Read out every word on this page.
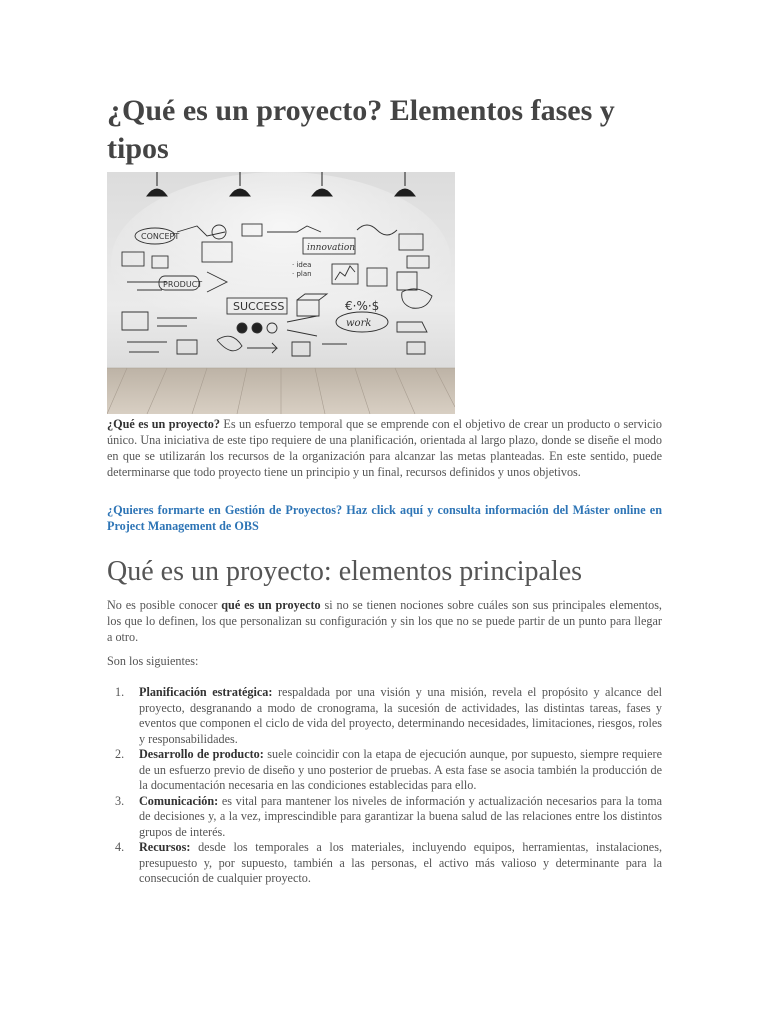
¿Qué es un proyecto? Elementos fases y tipos
CONCEPT
innovation
PRODUCT
· idea
· plan
SUCCESS	€·%·$
work

¿Qué es un proyecto? Es un esfuerzo temporal que se emprende con el objetivo de crear un producto o servicio único. Una iniciativa de este tipo requiere de una planificación, orientada al largo plazo, donde se diseñe el modo en que se utilizarán los recursos de la organización para alcanzar las metas planteadas. En este sentido, puede determinarse que todo proyecto tiene un principio y un final, recursos definidos y unos objetivos.

¿Quieres formarte en Gestión de Proyectos? Haz click aquí y consulta información del Máster online en Project Management de OBS
Qué es un proyecto: elementos principales

No es posible conocer qué es un proyecto si no se tienen nociones sobre cuáles son sus principales elementos, los que lo definen, los que personalizan su configuración y sin los que no se puede partir de un punto para llegar a otro.

Son los siguientes:

1. Planificación estratégica: respaldada por una visión y una misión, revela el propósito y alcance del proyecto, desgranando a modo de cronograma, la sucesión de actividades, las distintas tareas, fases y eventos que componen el ciclo de vida del proyecto, determinando necesidades, limitaciones, riesgos, roles y responsabilidades.
2. Desarrollo de producto: suele coincidir con la etapa de ejecución aunque, por supuesto, siempre requiere de un esfuerzo previo de diseño y uno posterior de pruebas. A esta fase se asocia también la producción de la documentación necesaria en las condiciones establecidas para ello.
3. Comunicación: es vital para mantener los niveles de información y actualización necesarios para la toma de decisiones y, a la vez, imprescindible para garantizar la buena salud de las relaciones entre los distintos grupos de interés.
4. Recursos: desde los temporales a los materiales, incluyendo equipos, herramientas, instalaciones, presupuesto y, por supuesto, también a las personas, el activo más valioso y determinante para la consecución de cualquier proyecto.
